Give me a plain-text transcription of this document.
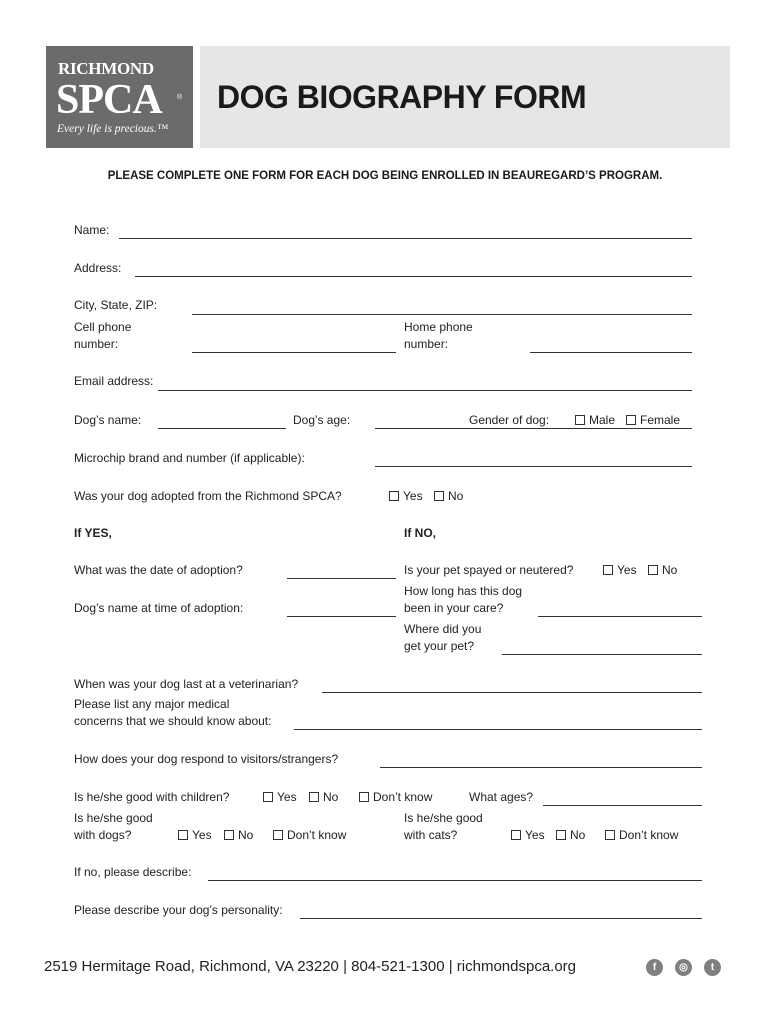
RICHMOND
SPCA ®
Every life is precious.™
DOG BIOGRAPHY FORM
PLEASE COMPLETE ONE FORM FOR EACH DOG BEING ENROLLED IN BEAUREGARD’S PROGRAM.
Name:
Address:
City, State, ZIP:
Cell phone
number:
Home phone
number:
Email address:
Dog’s name:	Dog’s age:	Gender of dog:	Male	Female
Microchip brand and number (if applicable):
Was your dog adopted from the Richmond SPCA?	Yes	No
If YES,	If NO,
What was the date of adoption?
Dog’s name at time of adoption:
Is your pet spayed or neutered?	Yes	No
How long has this dog
been in your care?
Where did you
get your pet?
When was your dog last at a veterinarian?
Please list any major medical
concerns that we should know about:
How does your dog respond to visitors/strangers?
Is he/she good with children?	Yes	No	Don’t know	What ages?
Is he/she good
with dogs?	Yes	No	Don’t know
Is he/she good
with cats?	Yes	No	Don’t know
If no, please describe:
Please describe your dog’s personality:
2519 Hermitage Road, Richmond, VA 23220 | 804-521-1300 | richmondspca.org	f	◎	t
